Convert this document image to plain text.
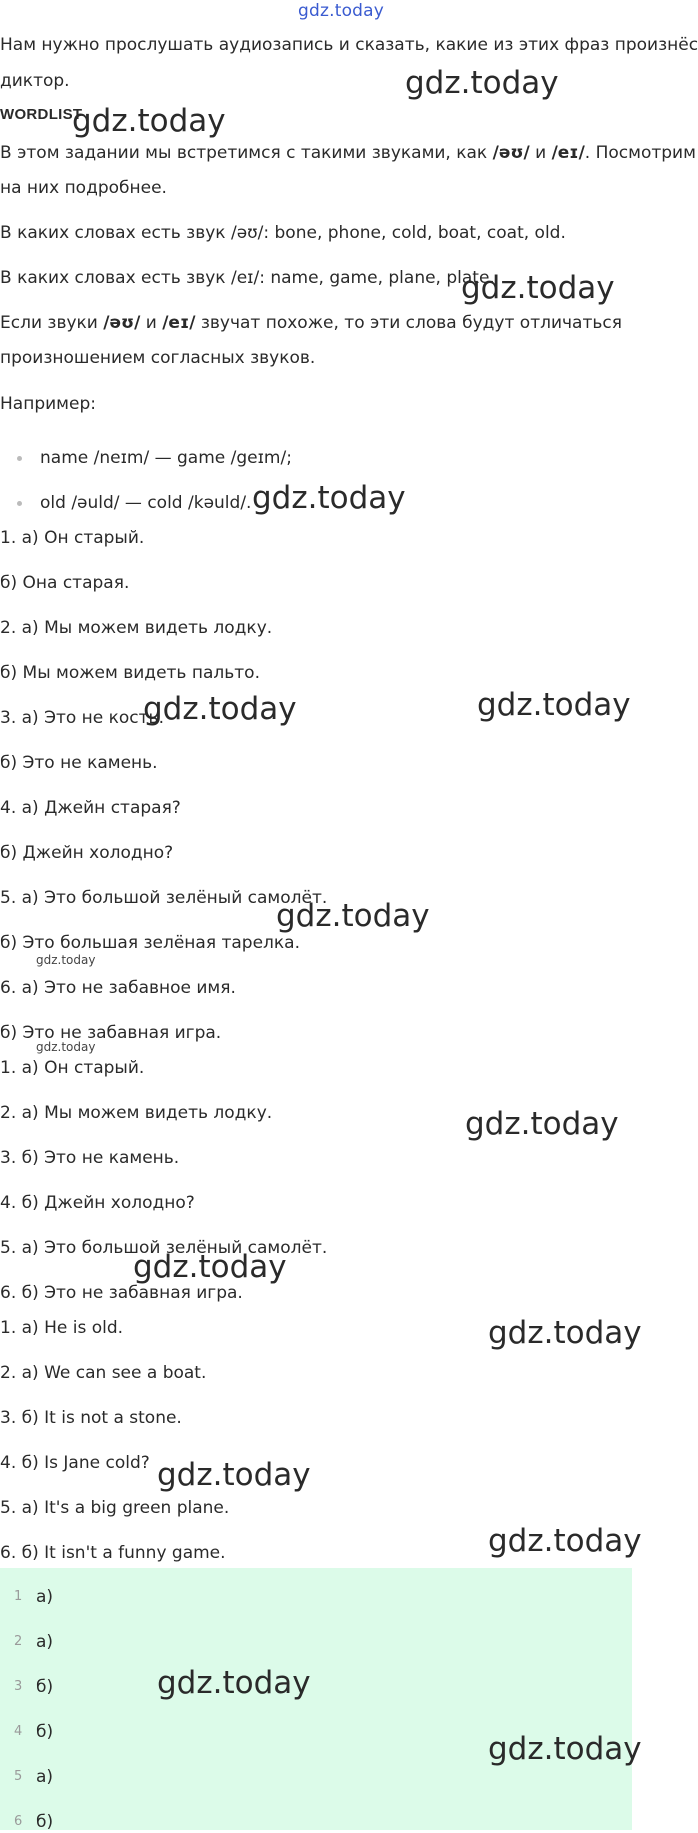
gdz.today

Нам нужно прослушать аудиозапись и сказать, какие из этих фраз произнёс

диктор.

WORDLIST

В этом задании мы встретимся с такими звуками, как /əʊ/ и /eɪ/. Посмотрим

на них подробнее.

В каких словах есть звук /əʊ/: bone, phone, cold, boat, coat, old.

В каких словах есть звук /eɪ/: name, game, plane, plate.

Если звуки /əʊ/ и /eɪ/ звучат похоже, то эти слова будут отличаться

произношением согласных звуков.

Например:

name /neɪm/ — game /geɪm/;
old /əuld/ — cold /kəuld/.

1. а) Он старый.

б) Она старая.

2. а) Мы можем видеть лодку.

б) Мы можем видеть пальто.

3. а) Это не кость.

б) Это не камень.

4. а) Джейн старая?

б) Джейн холодно?

5. а) Это большой зелёный самолёт.

б) Это большая зелёная тарелка.

6. а) Это не забавное имя.

б) Это не забавная игра.

1. а) Он старый.

2. а) Мы можем видеть лодку.

3. б) Это не камень.

4. б) Джейн холодно?

5. а) Это большой зелёный самолёт.

6. б) Это не забавная игра.

1. а) He is old.

2. а) We can see a boat.

3. б) It is not a stone.

4. б) Is Jane cold?

5. а) It's a big green plane.

6. б) It isn't a funny game.

1 а)
2 а)
3 б)
4 б)
5 а)
6 б)
gdz.today
gdz.today
gdz.today
gdz.today
gdz.today	gdz.today
gdz.today
gdz.today
gdz.today
gdz.today
gdz.today
gdz.today
gdz.today
gdz.today
gdz.today
gdz.today
